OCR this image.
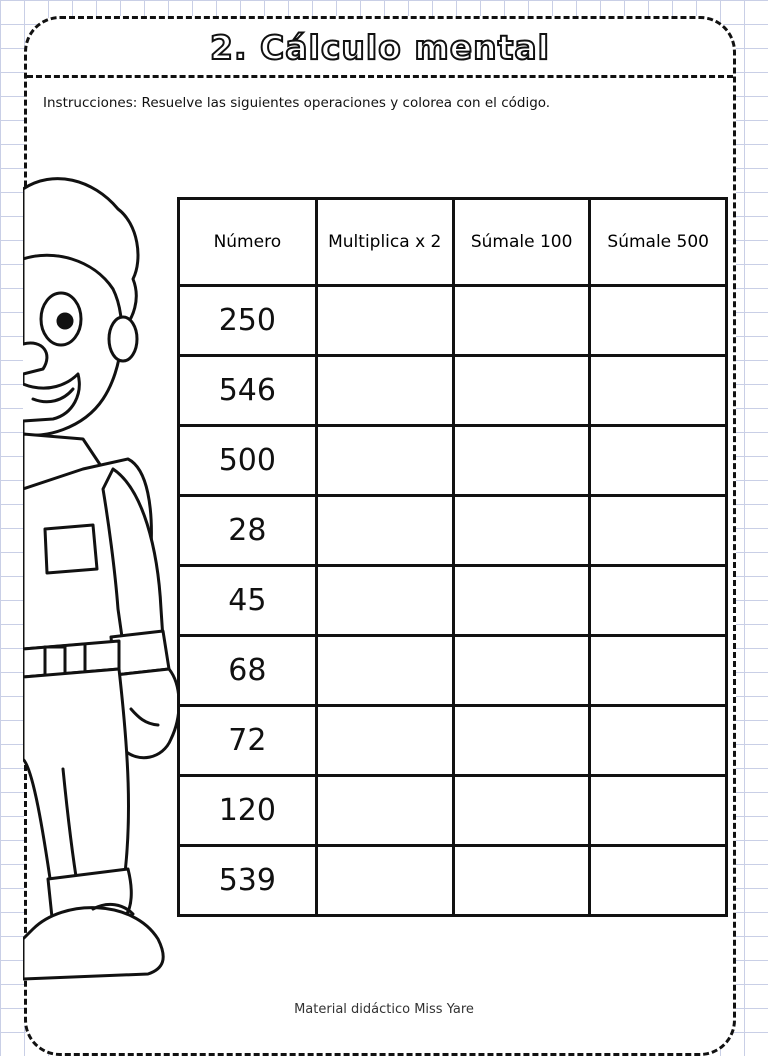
2. Cálculo mental
Instrucciones: Resuelve las siguientes operaciones y colorea con el código.
Número	Multiplica x 2	Súmale 100	Súmale 500
250			
546			
500			
28			
45			
68			
72			
120			
539			
Material didáctico Miss Yare
